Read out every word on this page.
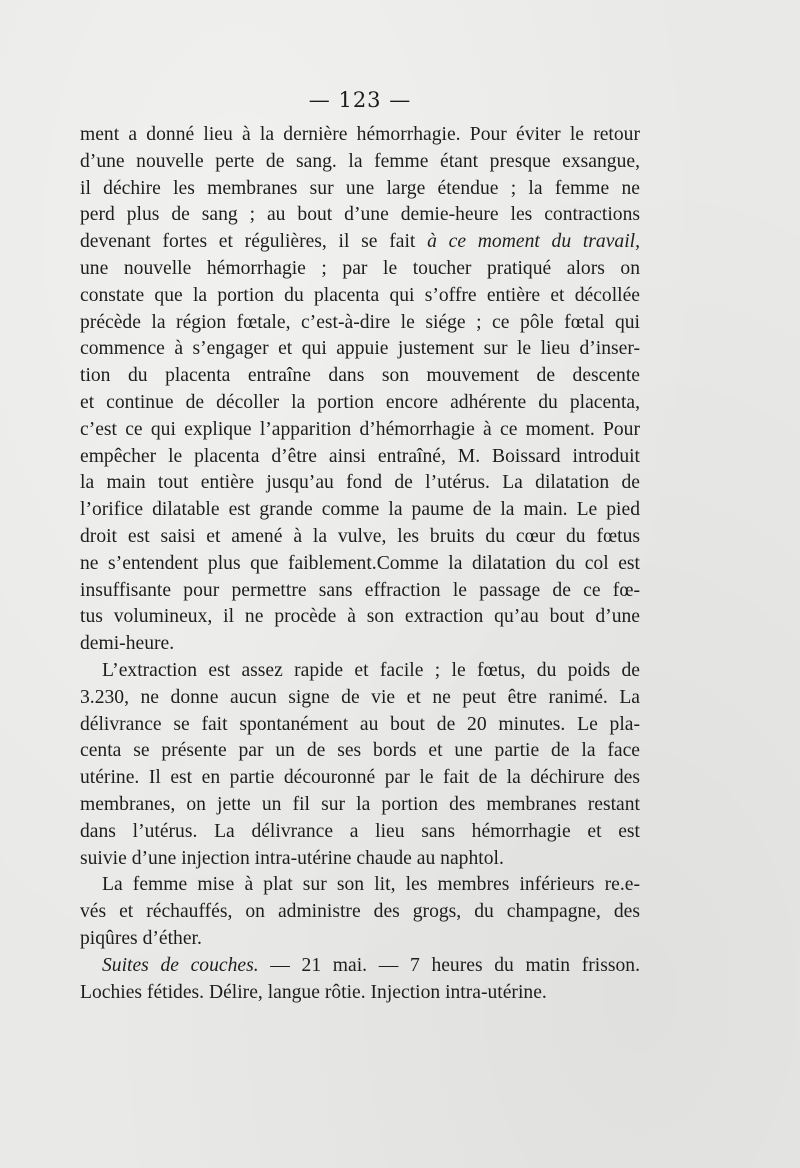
— 123 —
ment a donné lieu à la dernière hémorrhagie. Pour éviter le retour
d’une nouvelle perte de sang. la femme étant presque exsangue,
il déchire les membranes sur une large étendue ; la femme ne
perd plus de sang ; au bout d’une demie-heure les contractions
devenant fortes et régulières, il se fait à ce moment du travail,
une nouvelle hémorrhagie ; par le toucher pratiqué alors on
constate que la portion du placenta qui s’offre entière et décollée
précède la région fœtale, c’est-à-dire le siége ; ce pôle fœtal qui
commence à s’engager et qui appuie justement sur le lieu d’inser-
tion du placenta entraîne dans son mouvement de descente
et continue de décoller la portion encore adhérente du placenta,
c’est ce qui explique l’apparition d’hémorrhagie à ce moment. Pour
empêcher le placenta d’être ainsi entraîné, M. Boissard introduit
la main tout entière jusqu’au fond de l’utérus. La dilatation de
l’orifice dilatable est grande comme la paume de la main. Le pied
droit est saisi et amené à la vulve, les bruits du cœur du fœtus
ne s’entendent plus que faiblement.Comme la dilatation du col est
insuffisante pour permettre sans effraction le passage de ce fœ-
tus volumineux, il ne procède à son extraction qu’au bout d’une
demi-heure.
L’extraction est assez rapide et facile ; le fœtus, du poids de
3.230, ne donne aucun signe de vie et ne peut être ranimé. La
délivrance se fait spontanément au bout de 20 minutes. Le pla-
centa se présente par un de ses bords et une partie de la face
utérine. Il est en partie découronné par le fait de la déchirure des
membranes, on jette un fil sur la portion des membranes restant
dans l’utérus. La délivrance a lieu sans hémorrhagie et est
suivie d’une injection intra-utérine chaude au naphtol.
La femme mise à plat sur son lit, les membres inférieurs re.e-
vés et réchauffés, on administre des grogs, du champagne, des
piqûres d’éther.
Suites de couches. — 21 mai. — 7 heures du matin frisson.
Lochies fétides. Délire, langue rôtie. Injection intra-utérine.
